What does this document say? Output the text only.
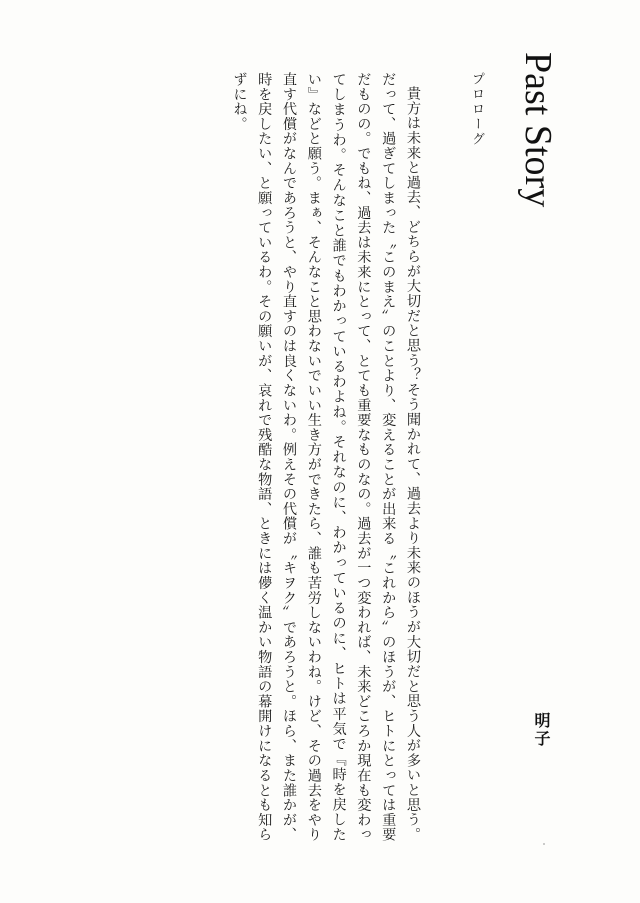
Past Story
プロローグ

貴方は未来と過去、どちらが大切だと思う？そう聞かれて、過去より未来のほうが大切だと思う人が多いと思う。だって、過ぎてしまった〝このまえ〟のことより、変えることが出来る〝これから〟のほうが、ヒトにとっては重要だものの。でもね、過去は未来にとって、とても重要なものなの。過去が一つ変われば、未来どころか現在も変わってしまうわ。そんなこと誰でもわかっているわよね。それなのに、わかっているのに、ヒトは平気で『時を戻したい』などと願う。まぁ、そんなこと思わないでいい生き方ができたら、誰も苦労しないわね。けど、その過去をやり直す代償がなんであろうと、やり直すのは良くないわ。例えその代償が〝キヲク〟であろうと。ほら、また誰かが、時を戻したい、と願っているわ。その願いが、哀れで残酷な物語、ときには儚く温かい物語の幕開けになるとも知らずにね。

明子
